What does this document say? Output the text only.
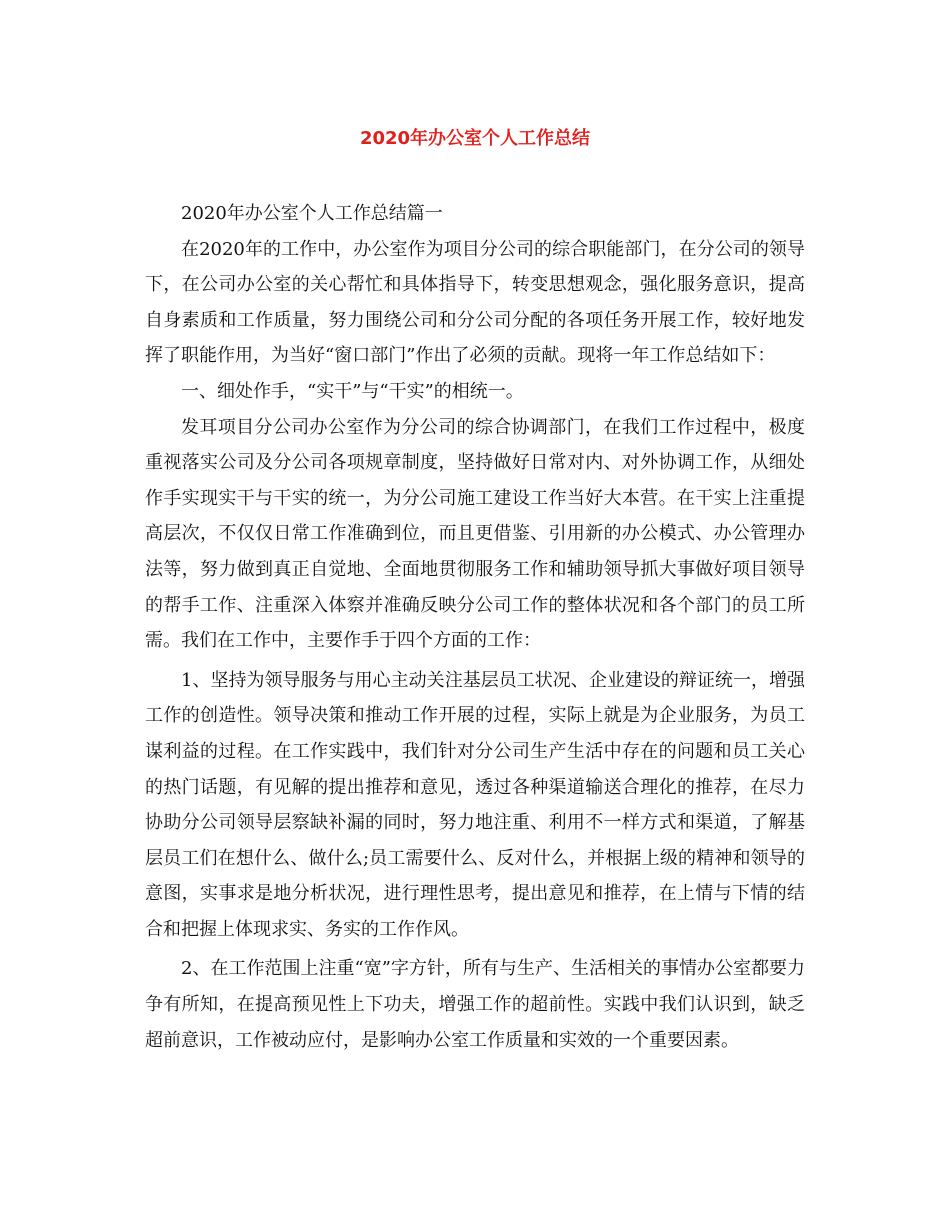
2020年办公室个人工作总结

2020年办公室个人工作总结篇一

在2020年的工作中，办公室作为项目分公司的综合职能部门，在分公司的领导下，在公司办公室的关心帮忙和具体指导下，转变思想观念，强化服务意识，提高自身素质和工作质量，努力围绕公司和分公司分配的各项任务开展工作，较好地发挥了职能作用，为当好“窗口部门”作出了必须的贡献。现将一年工作总结如下：

一、细处作手，“实干”与“干实”的相统一。

发耳项目分公司办公室作为分公司的综合协调部门，在我们工作过程中，极度重视落实公司及分公司各项规章制度，坚持做好日常对内、对外协调工作，从细处作手实现实干与干实的统一，为分公司施工建设工作当好大本营。在干实上注重提高层次，不仅仅日常工作准确到位，而且更借鉴、引用新的办公模式、办公管理办法等，努力做到真正自觉地、全面地贯彻服务工作和辅助领导抓大事做好项目领导的帮手工作、注重深入体察并准确反映分公司工作的整体状况和各个部门的员工所需。我们在工作中，主要作手于四个方面的工作：

1、坚持为领导服务与用心主动关注基层员工状况、企业建设的辩证统一，增强工作的创造性。领导决策和推动工作开展的过程，实际上就是为企业服务，为员工谋利益的过程。在工作实践中，我们针对分公司生产生活中存在的问题和员工关心的热门话题，有见解的提出推荐和意见，透过各种渠道输送合理化的推荐，在尽力协助分公司领导层察缺补漏的同时，努力地注重、利用不一样方式和渠道，了解基层员工们在想什么、做什么;员工需要什么、反对什么，并根据上级的精神和领导的意图，实事求是地分析状况，进行理性思考，提出意见和推荐，在上情与下情的结合和把握上体现求实、务实的工作作风。

2、在工作范围上注重“宽”字方针，所有与生产、生活相关的事情办公室都要力争有所知，在提高预见性上下功夫，增强工作的超前性。实践中我们认识到，缺乏超前意识，工作被动应付，是影响办公室工作质量和实效的一个重要因素。
